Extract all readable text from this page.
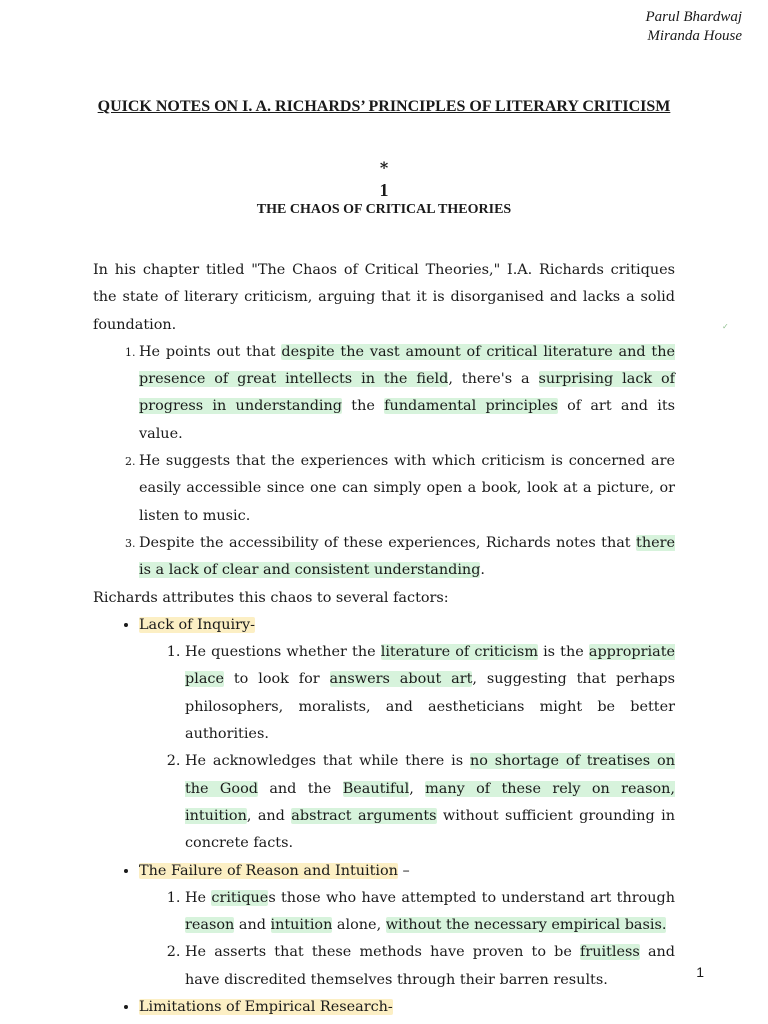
Parul Bhardwaj
Miranda House
QUICK NOTES ON I. A. RICHARDS’ PRINCIPLES OF LITERARY CRITICISM
*
1
THE CHAOS OF CRITICAL THEORIES
✓

In his chapter titled "The Chaos of Critical Theories," I.A. Richards critiques the state of literary criticism, arguing that it is disorganised and lacks a solid foundation.

1. He points out that despite the vast amount of critical literature and the presence of great intellects in the field, there's a surprising lack of progress in understanding the fundamental principles of art and its value.
2. He suggests that the experiences with which criticism is concerned are easily accessible since one can simply open a book, look at a picture, or listen to music.
3. Despite the accessibility of these experiences, Richards notes that there is a lack of clear and consistent understanding.

Richards attributes this chaos to several factors:

• Lack of Inquiry-
1. He questions whether the literature of criticism is the appropriate place to look for answers about art, suggesting that perhaps philosophers, moralists, and aestheticians might be better authorities.
2. He acknowledges that while there is no shortage of treatises on the Good and the Beautiful, many of these rely on reason, intuition, and abstract arguments without sufficient grounding in concrete facts.
• The Failure of Reason and Intuition –
1. He critiques those who have attempted to understand art through reason and intuition alone, without the necessary empirical basis.
2. He asserts that these methods have proven to be fruitless and have discredited themselves through their barren results.
• Limitations of Empirical Research-
1
